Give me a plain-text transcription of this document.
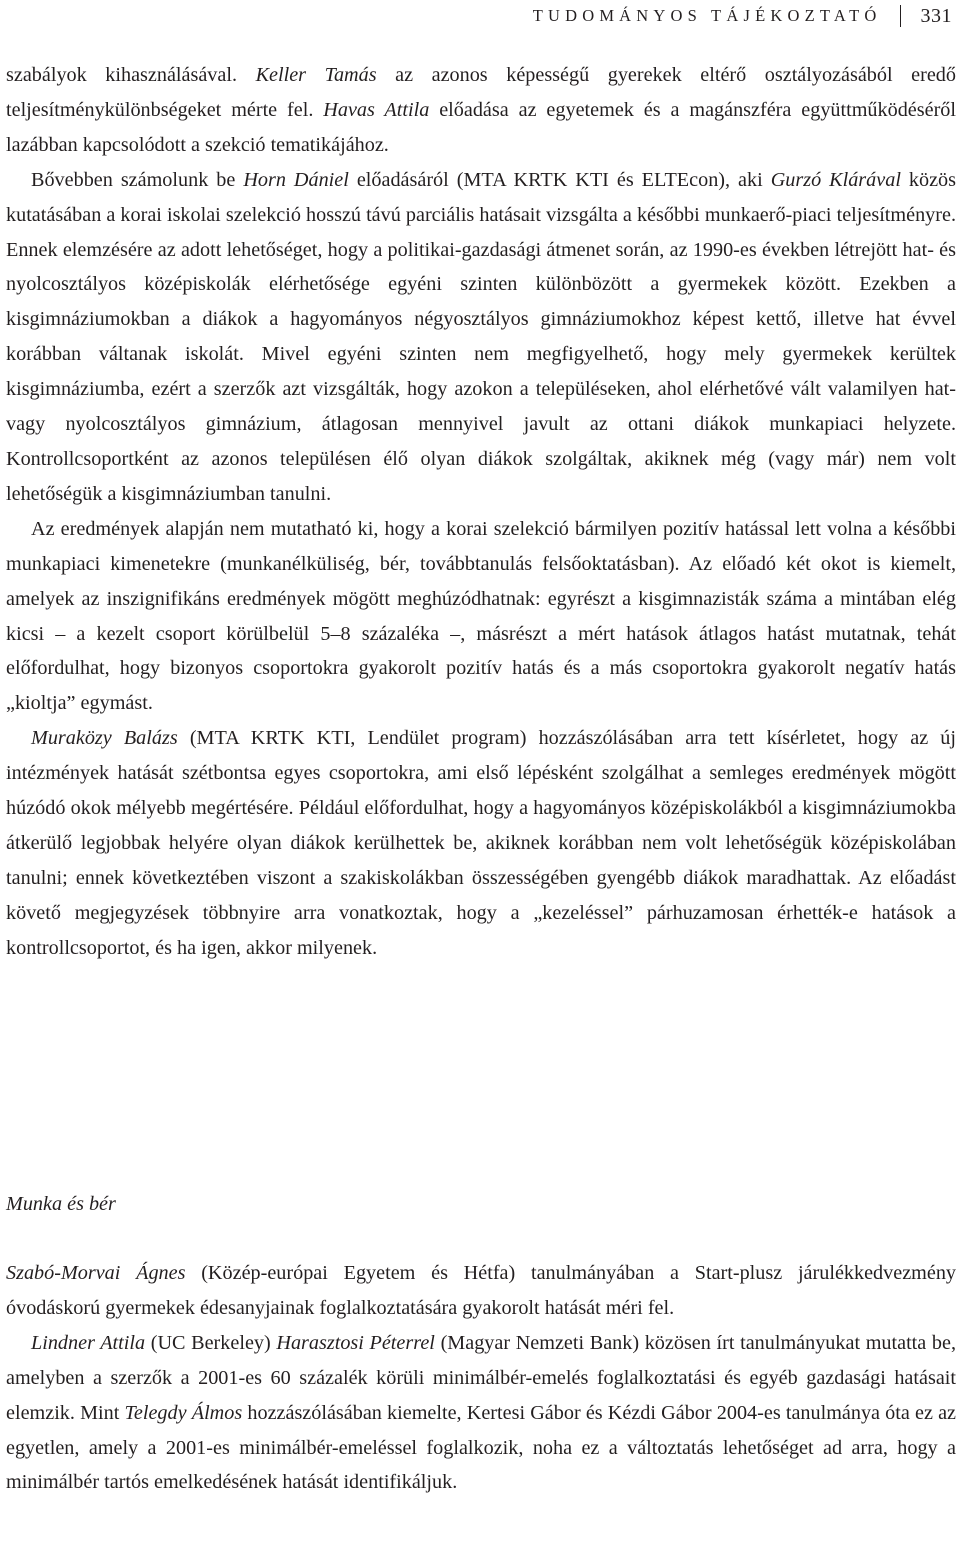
TUDOMÁNYOS TÁJÉKOZTATÓ 331

szabályok kihasználásával. Keller Tamás az azonos képességű gyerekek eltérő osztályozásából eredő teljesítménykülönbségeket mérte fel. Havas Attila előadása az egyetemek és a magánszféra együttműködéséről lazábban kapcsolódott a szekció tematikájához.

Bővebben számolunk be Horn Dániel előadásáról (MTA KRTK KTI és ELTEcon), aki Gurzó Klárával közös kutatásában a korai iskolai szelekció hosszú távú parciális hatásait vizsgálta a későbbi munkaerő-piaci teljesítményre. Ennek elemzésére az adott lehetőséget, hogy a politikai-gazdasági átmenet során, az 1990-es években létrejött hat- és nyolcosztályos középiskolák elérhetősége egyéni szinten különbözött a gyermekek között. Ezekben a kisgimnáziumokban a diákok a hagyományos négyosztályos gimnáziumokhoz képest kettő, illetve hat évvel korábban váltanak iskolát. Mivel egyéni szinten nem megfigyelhető, hogy mely gyermekek kerültek kisgimnáziumba, ezért a szerzők azt vizsgálták, hogy azokon a településeken, ahol elérhetővé vált valamilyen hat- vagy nyolcosztályos gimnázium, átlagosan mennyivel javult az ottani diákok munkapiaci helyzete. Kontrollcsoportként az azonos településen élő olyan diákok szolgáltak, akiknek még (vagy már) nem volt lehetőségük a kisgimnáziumban tanulni.

Az eredmények alapján nem mutatható ki, hogy a korai szelekció bármilyen pozitív hatással lett volna a későbbi munkapiaci kimenetekre (munkanélküliség, bér, továbbtanulás felsőoktatásban). Az előadó két okot is kiemelt, amelyek az inszignifikáns eredmények mögött meghúzódhatnak: egyrészt a kisgimnazisták száma a mintában elég kicsi – a kezelt csoport körülbelül 5–8 százaléka –, másrészt a mért hatások átlagos hatást mutatnak, tehát előfordulhat, hogy bizonyos csoportokra gyakorolt pozitív hatás és a más csoportokra gyakorolt negatív hatás „kioltja” egymást.

Muraközy Balázs (MTA KRTK KTI, Lendület program) hozzászólásában arra tett kísérletet, hogy az új intézmények hatását szétbontsa egyes csoportokra, ami első lépésként szolgálhat a semleges eredmények mögött húzódó okok mélyebb megértésére. Például előfordulhat, hogy a hagyományos középiskolákból a kisgimnáziumokba átkerülő legjobbak helyére olyan diákok kerülhettek be, akiknek korábban nem volt lehetőségük középiskolában tanulni; ennek következtében viszont a szakiskolákban összességében gyengébb diákok maradhattak. Az előadást követő megjegyzések többnyire arra vonatkoztak, hogy a „kezeléssel” párhuzamosan érhették-e hatások a kontrollcsoportot, és ha igen, akkor milyenek.

Munka és bér

Szabó-Morvai Ágnes (Közép-európai Egyetem és Hétfa) tanulmányában a Start-plusz járulékkedvezmény óvodáskorú gyermekek édesanyjainak foglalkoztatására gyakorolt hatását méri fel.

Lindner Attila (UC Berkeley) Harasztosi Péterrel (Magyar Nemzeti Bank) közösen írt tanulmányukat mutatta be, amelyben a szerzők a 2001-es 60 százalék körüli minimálbér-emelés foglalkoztatási és egyéb gazdasági hatásait elemzik. Mint Telegdy Álmos hozzászólásában kiemelte, Kertesi Gábor és Kézdi Gábor 2004-es tanulmánya óta ez az egyetlen, amely a 2001-es minimálbér-emeléssel foglalkozik, noha ez a változtatás lehetőséget ad arra, hogy a minimálbér tartós emelkedésének hatását identifikáljuk.
